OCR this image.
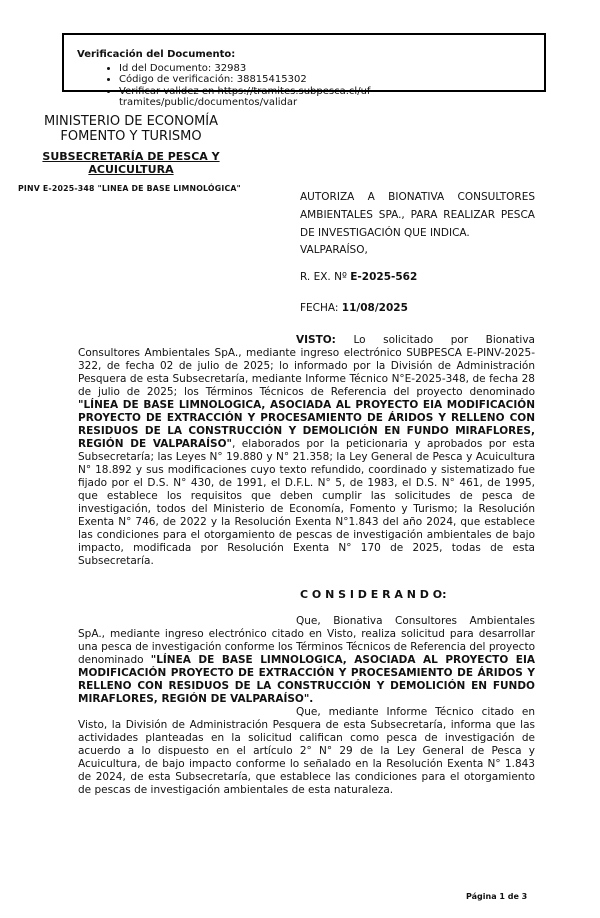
Verificación del Documento:
• Id del Documento: 32983
• Código de verificación: 38815415302
• Verificar validez en https://tramites.subpesca.cl/uf-tramites/public/documentos/validar
MINISTERIO DE ECONOMÍA
FOMENTO Y TURISMO
SUBSECRETARÍA DE PESCA Y
ACUICULTURA
PINV E-2025-348 "LINEA DE BASE LIMNOLÓGICA"

AUTORIZA A BIONATIVA CONSULTORES AMBIENTALES SPA., PARA REALIZAR PESCA DE INVESTIGACIÓN QUE INDICA.

VALPARAÍSO,

R. EX. Nº E-2025-562

FECHA: 11/08/2025

VISTO: Lo solicitado por Bionativa Consultores Ambientales SpA., mediante ingreso electrónico SUBPESCA E-PINV-2025-322, de fecha 02 de julio de 2025; lo informado por la División de Administración Pesquera de esta Subsecretaría, mediante Informe Técnico N°E-2025-348, de fecha 28 de julio de 2025; los Términos Técnicos de Referencia del proyecto denominado "LÍNEA DE BASE LIMNOLOGICA, ASOCIADA AL PROYECTO EIA MODIFICACIÓN PROYECTO DE EXTRACCIÓN Y PROCESAMIENTO DE ÁRIDOS Y RELLENO CON RESIDUOS DE LA CONSTRUCCIÓN Y DEMOLICIÓN EN FUNDO MIRAFLORES, REGIÓN DE VALPARAÍSO", elaborados por la peticionaria y aprobados por esta Subsecretaría; las Leyes N° 19.880 y N° 21.358; la Ley General de Pesca y Acuicultura N° 18.892 y sus modificaciones cuyo texto refundido, coordinado y sistematizado fue fijado por el D.S. N° 430, de 1991, el D.F.L. N° 5, de 1983, el D.S. N° 461, de 1995, que establece los requisitos que deben cumplir las solicitudes de pesca de investigación, todos del Ministerio de Economía, Fomento y Turismo; la Resolución Exenta N° 746, de 2022 y la Resolución Exenta N°1.843 del año 2024, que establece las condiciones para el otorgamiento de pescas de investigación ambientales de bajo impacto, modificada por Resolución Exenta N° 170 de 2025, todas de esta Subsecretaría.

C O N S I D E R A N D O:

Que, Bionativa Consultores Ambientales SpA., mediante ingreso electrónico citado en Visto, realiza solicitud para desarrollar una pesca de investigación conforme los Términos Técnicos de Referencia del proyecto denominado "LÍNEA DE BASE LIMNOLOGICA, ASOCIADA AL PROYECTO EIA MODIFICACIÓN PROYECTO DE EXTRACCIÓN Y PROCESAMIENTO DE ÁRIDOS Y RELLENO CON RESIDUOS DE LA CONSTRUCCIÓN Y DEMOLICIÓN EN FUNDO MIRAFLORES, REGIÓN DE VALPARAÍSO".

Que, mediante Informe Técnico citado en Visto, la División de Administración Pesquera de esta Subsecretaría, informa que las actividades planteadas en la solicitud califican como pesca de investigación de acuerdo a lo dispuesto en el artículo 2° N° 29 de la Ley General de Pesca y Acuicultura, de bajo impacto conforme lo señalado en la Resolución Exenta N° 1.843 de 2024, de esta Subsecretaría, que establece las condiciones para el otorgamiento de pescas de investigación ambientales de esta naturaleza.

Página 1 de 3
